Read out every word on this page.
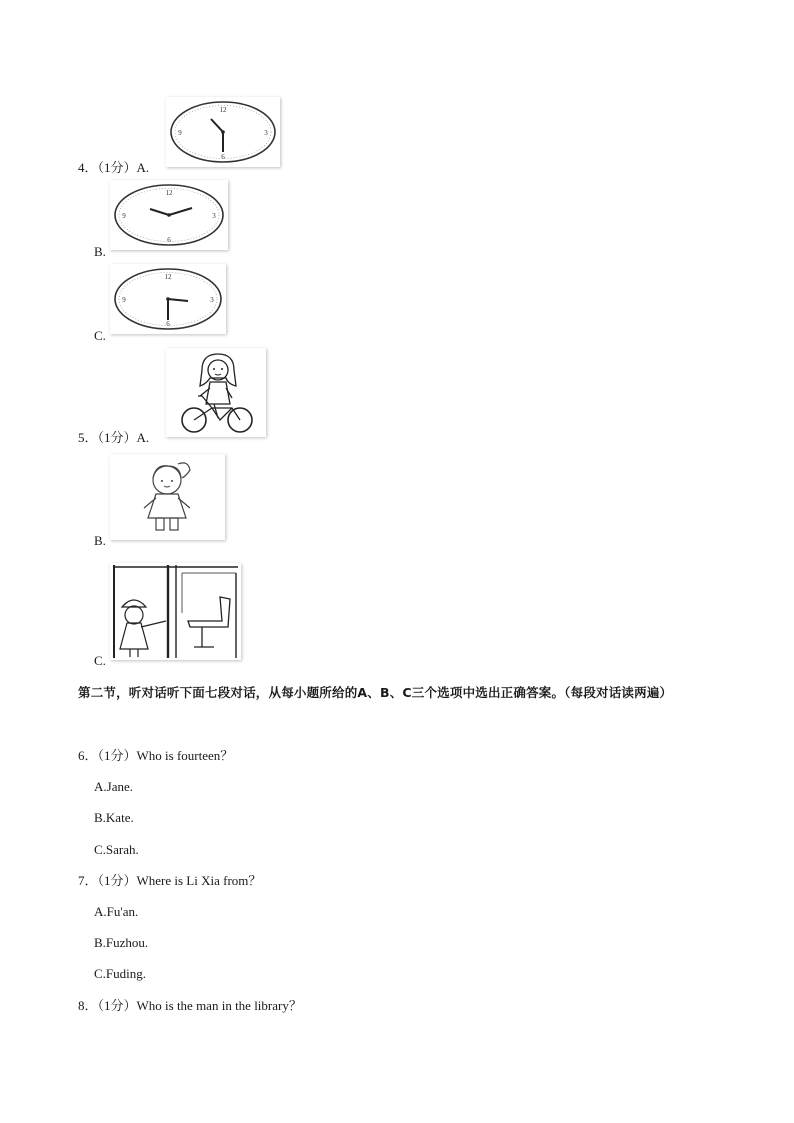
12
3
6
9
4．（1分）A.
12
3
6
9
B.
12
3
6
9
C.
5．（1分）A.
B.
C.
第二节，听对话听下面七段对话，从每小题所给的A、B、C三个选项中选出正确答案。（每段对话读两遍）
6．（1分）Who is fourteen？
A.Jane.
B.Kate.
C.Sarah.
7．（1分）Where is Li Xia from？
A.Fu'an.
B.Fuzhou.
C.Fuding.
8．（1分）Who is the man in the library？
